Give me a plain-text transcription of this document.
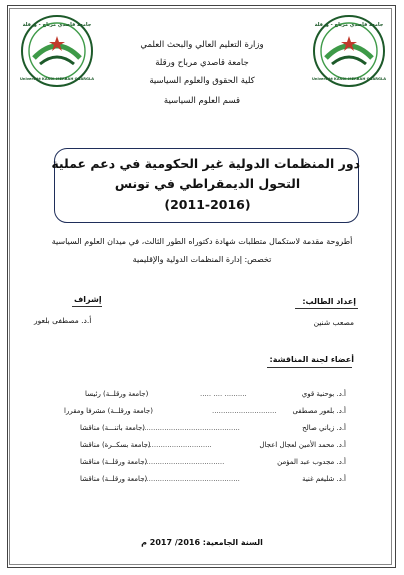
جامعة قاصدي مرباح - ورقلة
Université KASDI-MERBAH OUARGLA
جامعة قاصدي مرباح - ورقلة
Université KASDI-MERBAH OUARGLA
وزارة التعليم العالي والبحث العلمي
جامعة قاصدي مرباح ورقلة
كلية الحقوق والعلوم السياسية
قسم العلوم السياسية
دور المنظمات الدولية غير الحكومية في دعم عملية
التحول الديمقراطي في تونس
(2011-2016)
أطروحة مقدمة لاستكمال متطلبات شهادة دكتوراه الطور الثالث، في ميدان العلوم السياسية
تخصص: إدارة المنظمات الدولية والإقليمية
إعداد الطالب:
مصعب شنين
إشراف
أ.د. مصطفى بلعور
أعضاء لجنة المناقشة:
أ.د. بوحنية قوي
..... .... ..........
(جامعة ورقلــة) رئيسا
أ.د. بلعور مصطفى
.............................
(جامعة ورقلــة) مشرفا ومقررا
أ.د. زياني صالح
............................................
(جامعة باتنـــة) مناقشا
أ.د. محمد الأمين لعجال اعجال
..............................
(جامعة بسكــرة) مناقشا
أ.د. مجدوب عبد المؤمن
.....................................
(جامعة ورقلــة) مناقشا
أ.د. شليغم غنية
............................................
(جامعة ورقلــة) مناقشا
السنة الجامعية: 2016/ 2017 م
